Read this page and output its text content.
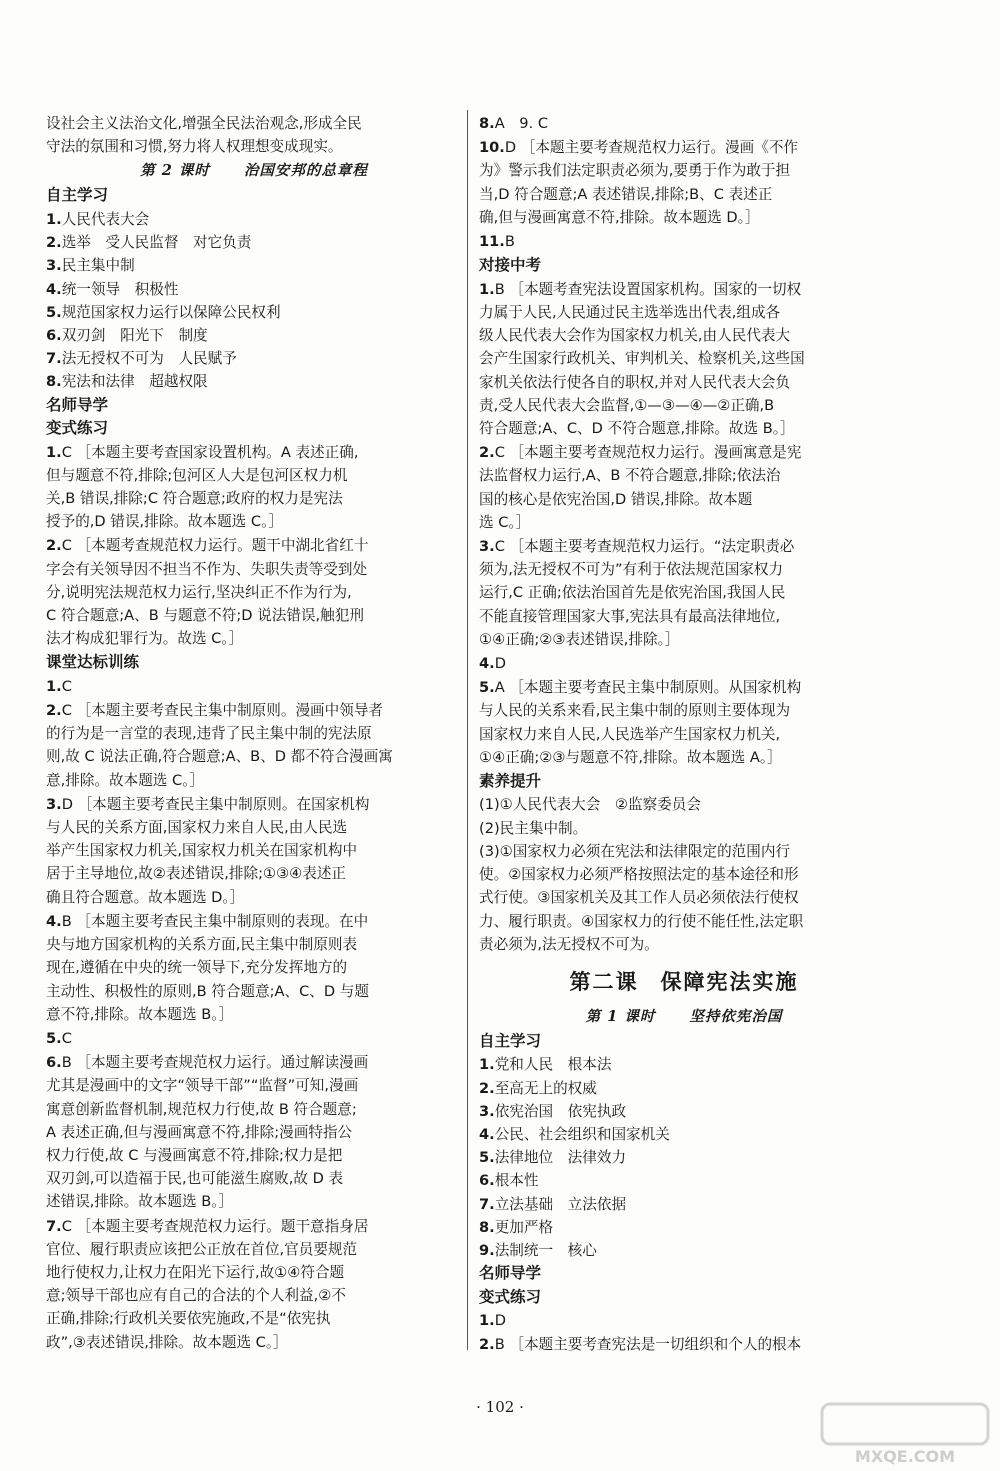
设社会主义法治文化,增强全民法治观念,形成全民

守法的氛围和习惯,努力将人权理想变成现实。

第 2 课时 治国安邦的总章程
自主学习

1.人民代表大会

2.选举　受人民监督　对它负责

3.民主集中制

4.统一领导　积极性

5.规范国家权力运行以保障公民权利

6.双刃剑　阳光下　制度

7.法无授权不可为　人民赋予

8.宪法和法律　超越权限

名师导学
变式练习

1.C ［本题主要考查国家设置机构。A 表述正确,

但与题意不符,排除;包河区人大是包河区权力机

关,B 错误,排除;C 符合题意;政府的权力是宪法

授予的,D 错误,排除。故本题选 C。］

2.C ［本题考查规范权力运行。题干中湖北省红十

字会有关领导因不担当不作为、失职失责等受到处

分,说明宪法规范权力运行,坚决纠正不作为行为,

C 符合题意;A、B 与题意不符;D 说法错误,触犯刑

法才构成犯罪行为。故选 C。］

课堂达标训练

1.C

2.C ［本题主要考查民主集中制原则。漫画中领导者

的行为是一言堂的表现,违背了民主集中制的宪法原

则,故 C 说法正确,符合题意;A、B、D 都不符合漫画寓

意,排除。故本题选 C。］

3.D ［本题主要考查民主集中制原则。在国家机构

与人民的关系方面,国家权力来自人民,由人民选

举产生国家权力机关,国家权力机关在国家机构中

居于主导地位,故②表述错误,排除;①③④表述正

确且符合题意。故本题选 D。］

4.B ［本题主要考查民主集中制原则的表现。在中

央与地方国家机构的关系方面,民主集中制原则表

现在,遵循在中央的统一领导下,充分发挥地方的

主动性、积极性的原则,B 符合题意;A、C、D 与题

意不符,排除。故本题选 B。］

5.C

6.B ［本题主要考查规范权力运行。通过解读漫画

尤其是漫画中的文字“领导干部”“监督”可知,漫画

寓意创新监督机制,规范权力行使,故 B 符合题意;

A 表述正确,但与漫画寓意不符,排除;漫画特指公

权力行使,故 C 与漫画寓意不符,排除;权力是把

双刃剑,可以造福于民,也可能滋生腐败,故 D 表

述错误,排除。故本题选 B。］

7.C ［本题主要考查规范权力运行。题干意指身居

官位、履行职责应该把公正放在首位,官员要规范

地行使权力,让权力在阳光下运行,故①④符合题

意;领导干部也应有自己的合法的个人利益,②不

正确,排除;行政机关要依宪施政,不是“依宪执

政”,③表述错误,排除。故本题选 C。］

8.A　9. C

10.D ［本题主要考查规范权力运行。漫画《不作

为》警示我们法定职责必须为,要勇于作为敢于担

当,D 符合题意;A 表述错误,排除;B、C 表述正

确,但与漫画寓意不符,排除。故本题选 D。］

11.B

对接中考

1.B ［本题考查宪法设置国家机构。国家的一切权

力属于人民,人民通过民主选举选出代表,组成各

级人民代表大会作为国家权力机关,由人民代表大

会产生国家行政机关、审判机关、检察机关,这些国

家机关依法行使各自的职权,并对人民代表大会负

责,受人民代表大会监督,①—③—④—②正确,B

符合题意;A、C、D 不符合题意,排除。故选 B。］

2.C ［本题主要考查规范权力运行。漫画寓意是宪

法监督权力运行,A、B 不符合题意,排除;依法治

国的核心是依宪治国,D 错误,排除。故本题

选 C。］

3.C ［本题主要考查规范权力运行。“法定职责必

须为,法无授权不可为”有利于依法规范国家权力

运行,C 正确;依法治国首先是依宪治国,我国人民

不能直接管理国家大事,宪法具有最高法律地位,

①④正确;②③表述错误,排除。］

4.D

5.A ［本题主要考查民主集中制原则。从国家机构

与人民的关系来看,民主集中制的原则主要体现为

国家权力来自人民,人民选举产生国家权力机关,

①④正确;②③与题意不符,排除。故本题选 A。］

素养提升

(1)①人民代表大会　②监察委员会

(2)民主集中制。

(3)①国家权力必须在宪法和法律限定的范围内行

使。②国家权力必须严格按照法定的基本途径和形

式行使。③国家机关及其工作人员必须依法行使权

力、履行职责。④国家权力的行使不能任性,法定职

责必须为,法无授权不可为。

第二课 保障宪法实施
第 1 课时 坚持依宪治国
自主学习

1.党和人民　根本法

2.至高无上的权威

3.依宪治国　依宪执政

4.公民、社会组织和国家机关

5.法律地位　法律效力

6.根本性

7.立法基础　立法依据

8.更加严格

9.法制统一　核心

名师导学
变式练习

1.D

2.B ［本题主要考查宪法是一切组织和个人的根本

· 102 ·
MXQE.COM
